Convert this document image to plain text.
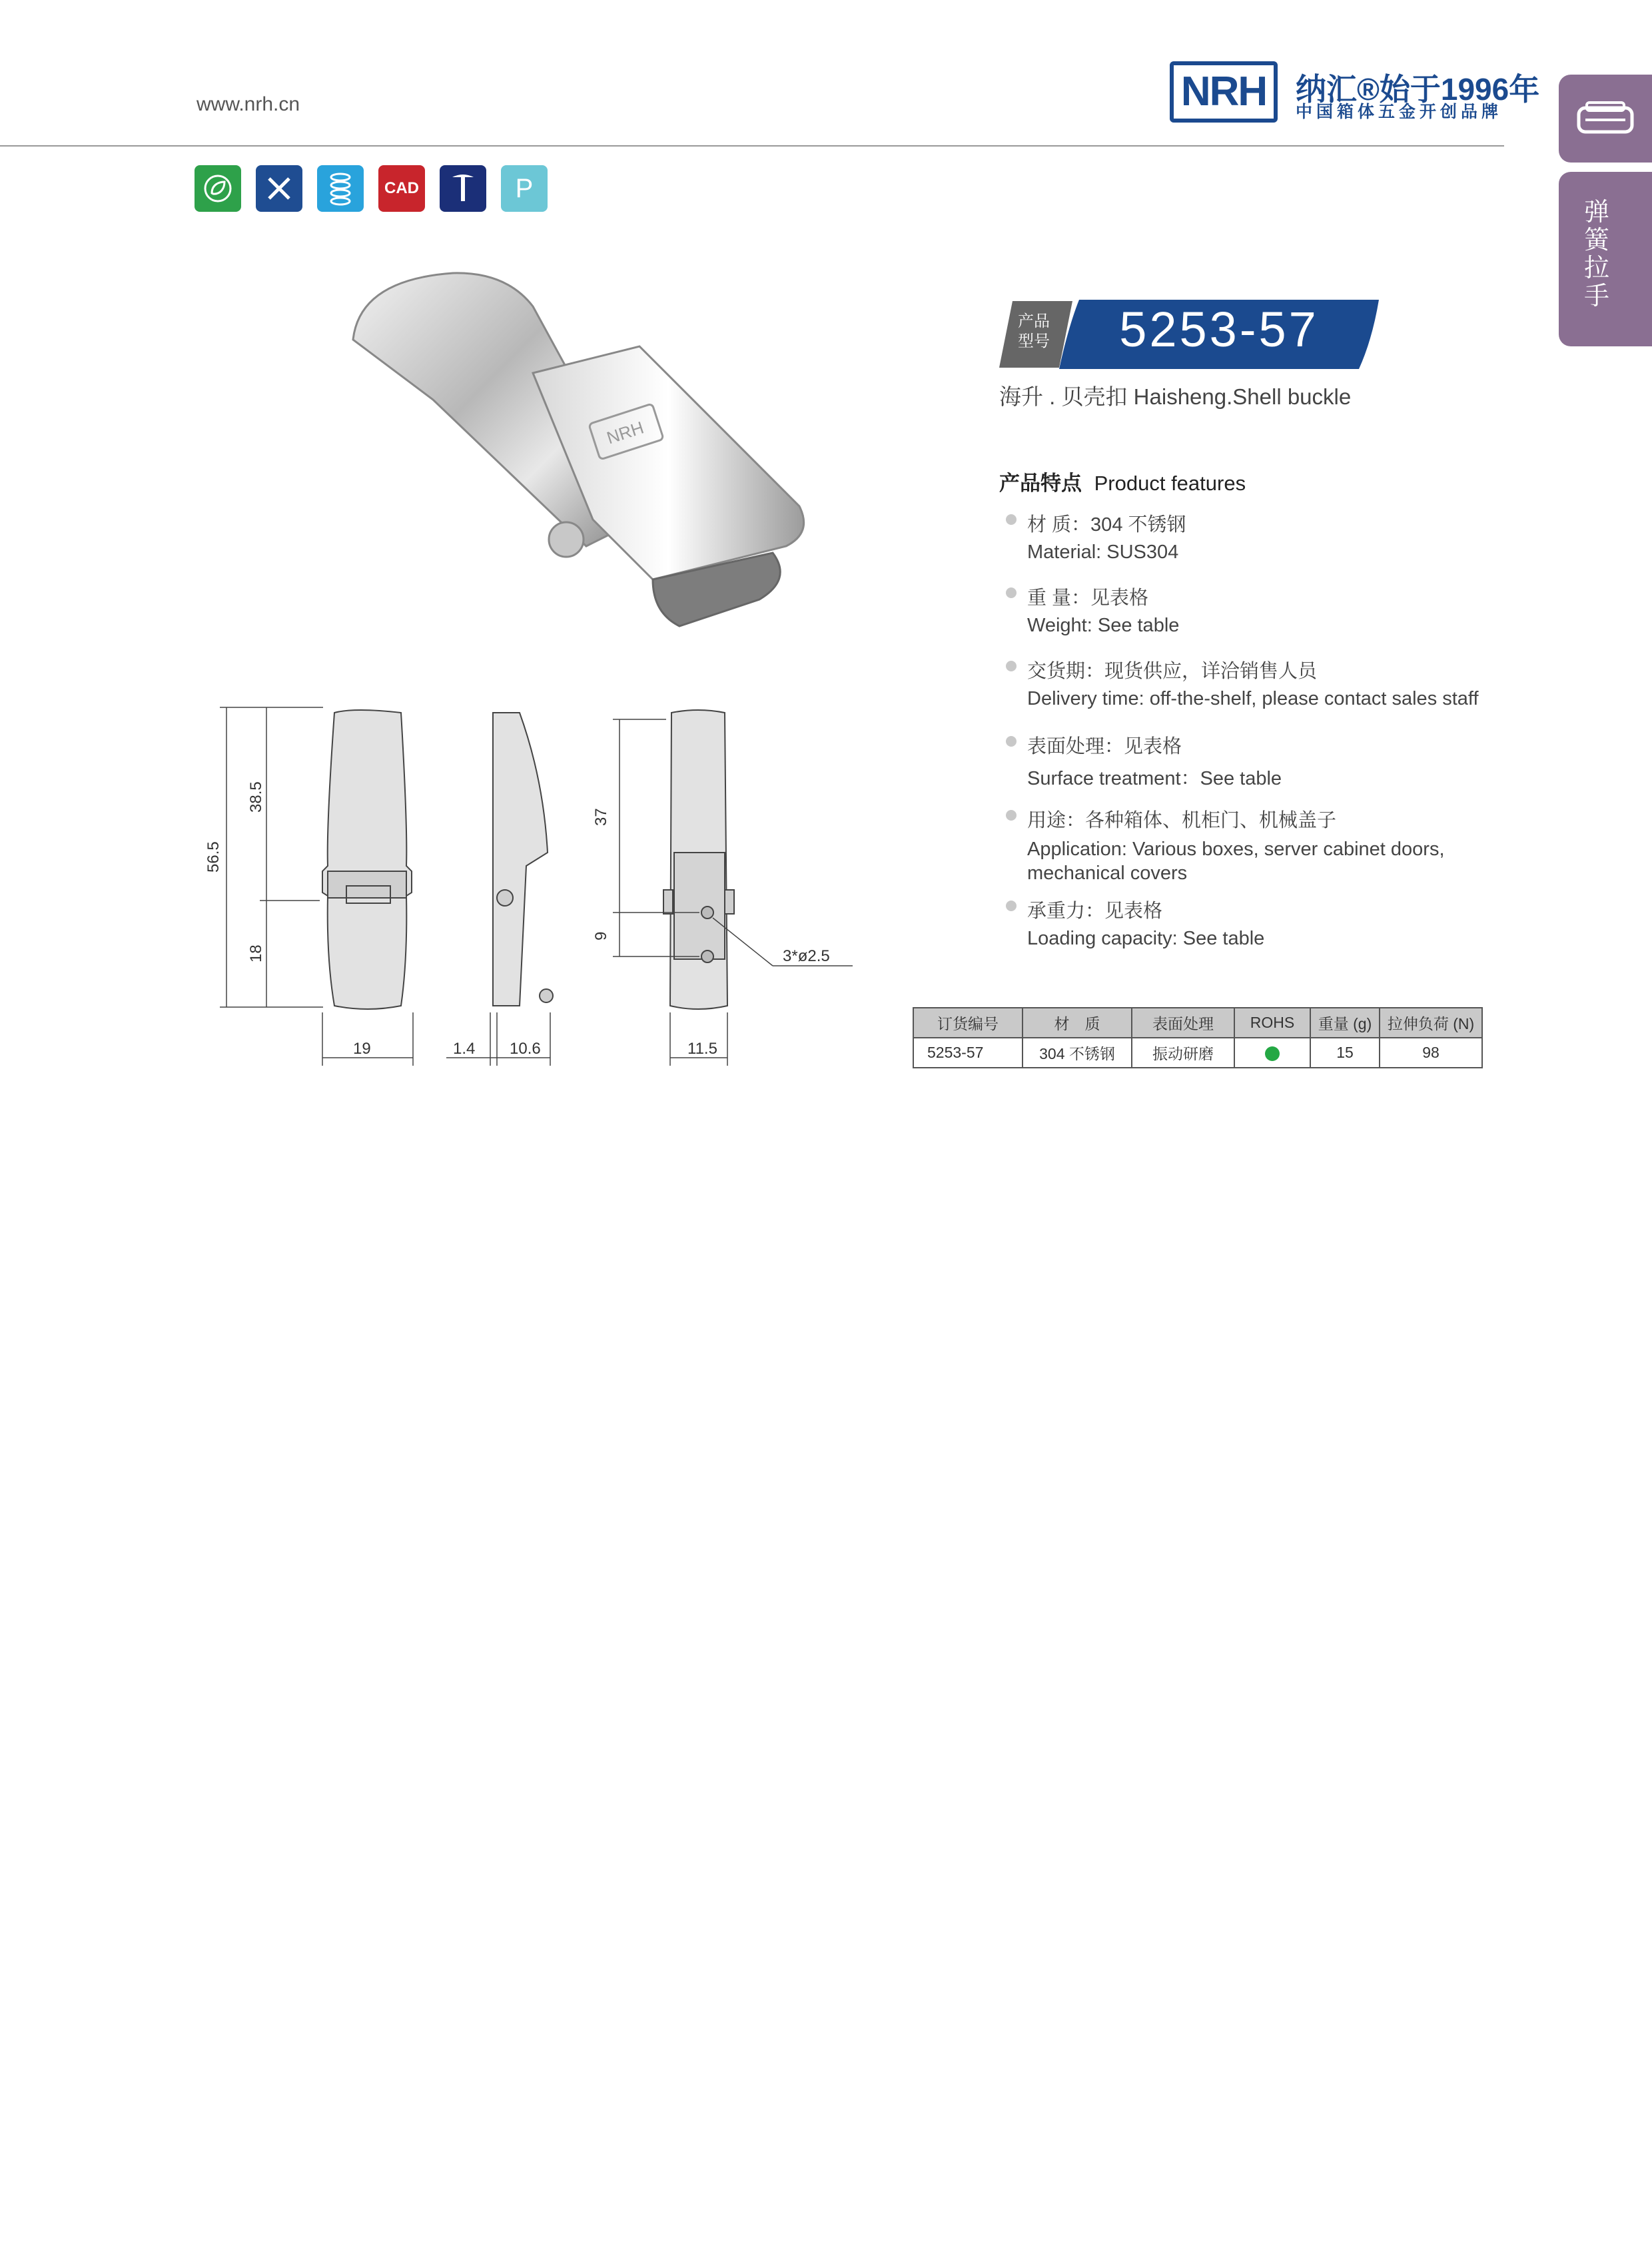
www.nrh.cn	NRH 纳汇®始于1996年
中国箱体五金开创品牌
弹簧拉手
CAD	P
NRH
56.5
38.5
18
19	1.4 10.6
37
9
3*ø2.5
11.5
产品
型号	5253-57
海升 . 贝壳扣 Haisheng.Shell buckle
产品特点 Product features
材 质：304 不锈钢
Material: SUS304
重 量：见表格
Weight: See table
交货期：现货供应，详洽销售人员
Delivery time: off-the-shelf, please contact sales staff
表面处理：见表格
Surface treatment：See table
用途：各种箱体、机柜门、机械盖子
Application: Various boxes, server cabinet doors, mechanical covers
承重力：见表格
Loading capacity: See table
订货编号	材　质	表面处理	ROHS	重量 (g)	拉伸负荷 (N)
5253-57	304 不锈钢	振动研磨		15	98
